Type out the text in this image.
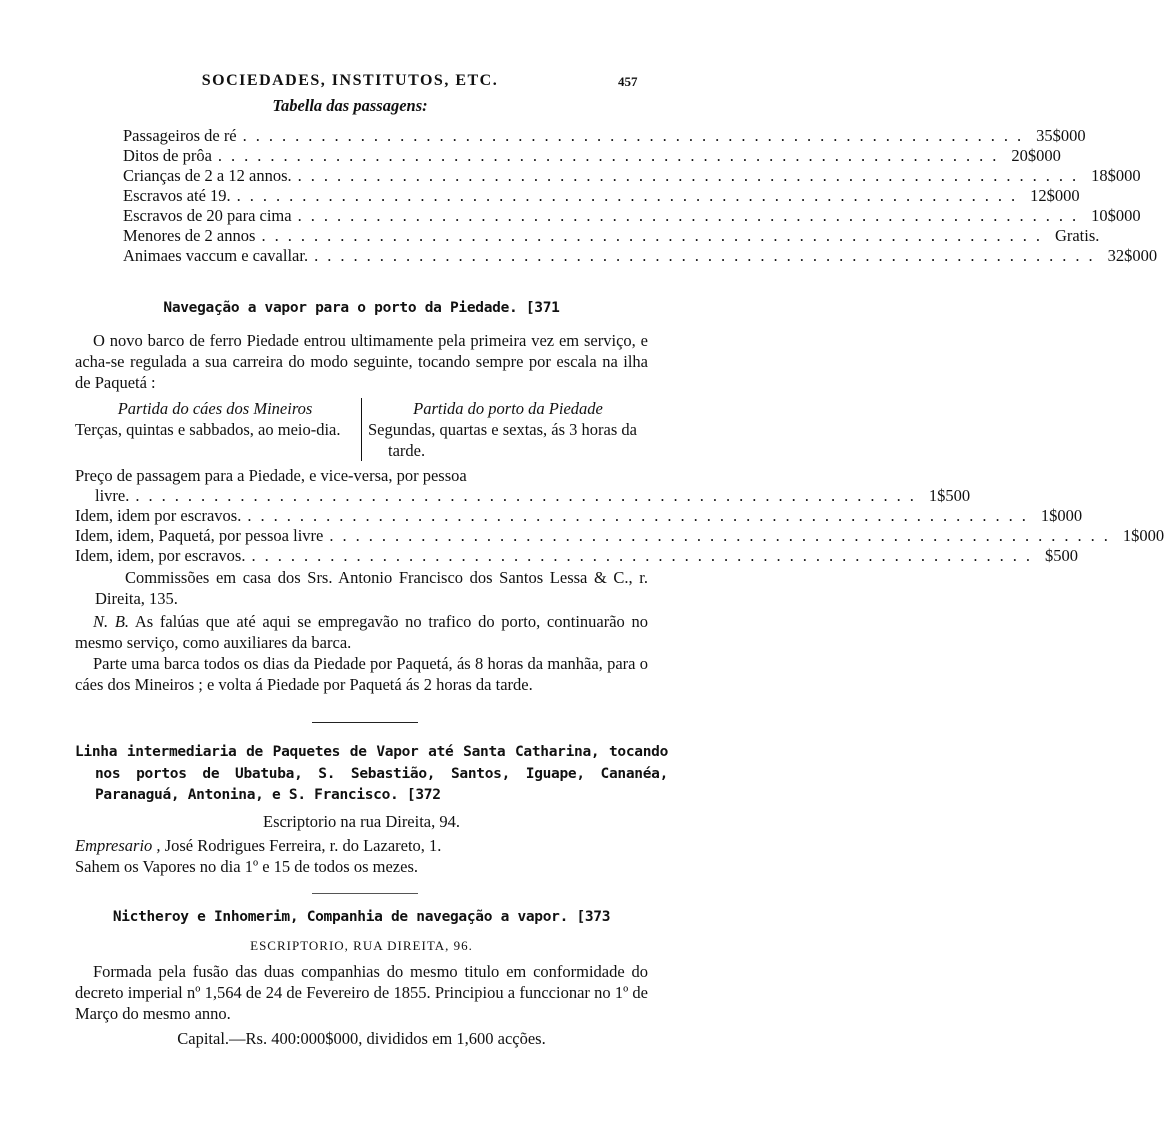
SOCIEDADES, INSTITUTOS, ETC.	457
Tabella das passagens:
Passageiros de ré ............................................................ 35$000
Ditos de prôa ............................................................ 20$000
Crianças de 2 a 12 annos. ............................................................ 18$000
Escravos até 19. ............................................................ 12$000
Escravos de 20 para cima ............................................................ 10$000
Menores de 2 annos ............................................................ Gratis.
Animaes vaccum e cavallar. ............................................................ 32$000
Navegação a vapor para o porto da Piedade. [371

O novo barco de ferro Piedade entrou ultimamente pela primeira vez em serviço, e acha-se regulada a sua carreira do modo seguinte, tocando sempre por escala na ilha de Paquetá :

Partida do cáes dos Mineiros
Terças, quintas e sabbados, ao meio-dia.
Partida do porto da Piedade
Segundas, quartas e sextas, ás 3 horas da tarde.
Preço de passagem para a Piedade, e vice-versa, por pessoa
livre. ............................................................ 1$500
Idem, idem por escravos. ............................................................ 1$000
Idem, idem, Paquetá, por pessoa livre ............................................................ 1$000
Idem, idem, por escravos. ............................................................ $500

Commissões em casa dos Srs. Antonio Francisco dos Santos Lessa & C., r. Direita, 135.

N. B. As falúas que até aqui se empregavão no trafico do porto, continuarão no mesmo serviço, como auxiliares da barca.

Parte uma barca todos os dias da Piedade por Paquetá, ás 8 horas da manhãa, para o cáes dos Mineiros ; e volta á Piedade por Paquetá ás 2 horas da tarde.

Linha intermediaria de Paquetes de Vapor até Santa Catharina, tocando nos portos de Ubatuba, S. Sebastião, Santos, Iguape, Cananéa, Paranaguá, Antonina, e S. Francisco. [372

Escriptorio na rua Direita, 94.

Empresario , José Rodrigues Ferreira, r. do Lazareto, 1.

Sahem os Vapores no dia 1º e 15 de todos os mezes.

Nictheroy e Inhomerim, Companhia de navegação a vapor. [373
ESCRIPTORIO, RUA DIREITA, 96.

Formada pela fusão das duas companhias do mesmo titulo em conformidade do decreto imperial nº 1,564 de 24 de Fevereiro de 1855. Principiou a funccionar no 1º de Março do mesmo anno.

Capital.—Rs. 400:000$000, divididos em 1,600 acções.
